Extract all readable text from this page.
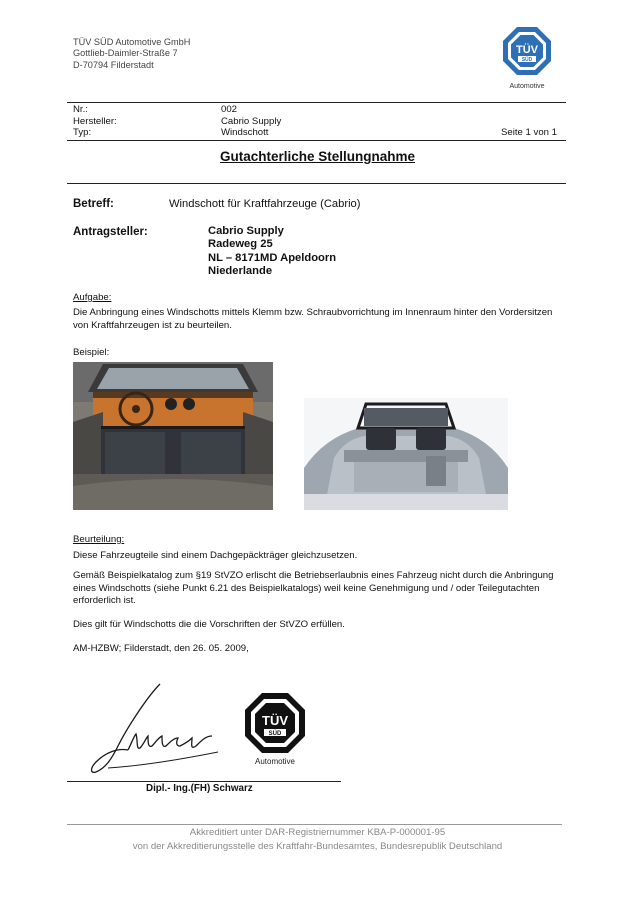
TÜV SÜD Automotive GmbH
Gottlieb-Daimler-Straße 7
D-70794 Filderstadt
TÜV
SÜD
Automotive
Nr.:	002
Hersteller:	Cabrio Supply
Typ:	Windschott	Seite 1 von 1
Gutachterliche Stellungnahme
Betreff:	Windschott für Kraftfahrzeuge (Cabrio)
Antragsteller:	Cabrio Supply
Radeweg 25
NL – 8171MD Apeldoorn
Niederlande
Aufgabe:
Die Anbringung eines Windschotts mittels Klemm bzw. Schraubvorrichtung im Innenraum hinter den Vordersitzen von Kraftfahrzeugen ist zu beurteilen.
Beispiel:
Beurteilung:
Diese Fahrzeugteile sind einem Dachgepäckträger gleichzusetzen.
Gemäß Beispielkatalog zum §19 StVZO erlischt die Betriebserlaubnis eines Fahrzeug nicht durch die Anbringung eines Windschotts (siehe Punkt 6.21 des Beispielkatalogs) weil keine Genehmigung und / oder Teilegutachten erforderlich ist.
Dies gilt für Windschotts die die Vorschriften der StVZO erfüllen.
AM-HZBW; Filderstadt, den 26. 05. 2009,
TÜV
SÜD
Automotive
Dipl.- Ing.(FH) Schwarz
Akkreditiert unter DAR-Registriernummer KBA-P-000001-95
von der Akkreditierungsstelle des Kraftfahr-Bundesamtes, Bundesrepublik Deutschland
